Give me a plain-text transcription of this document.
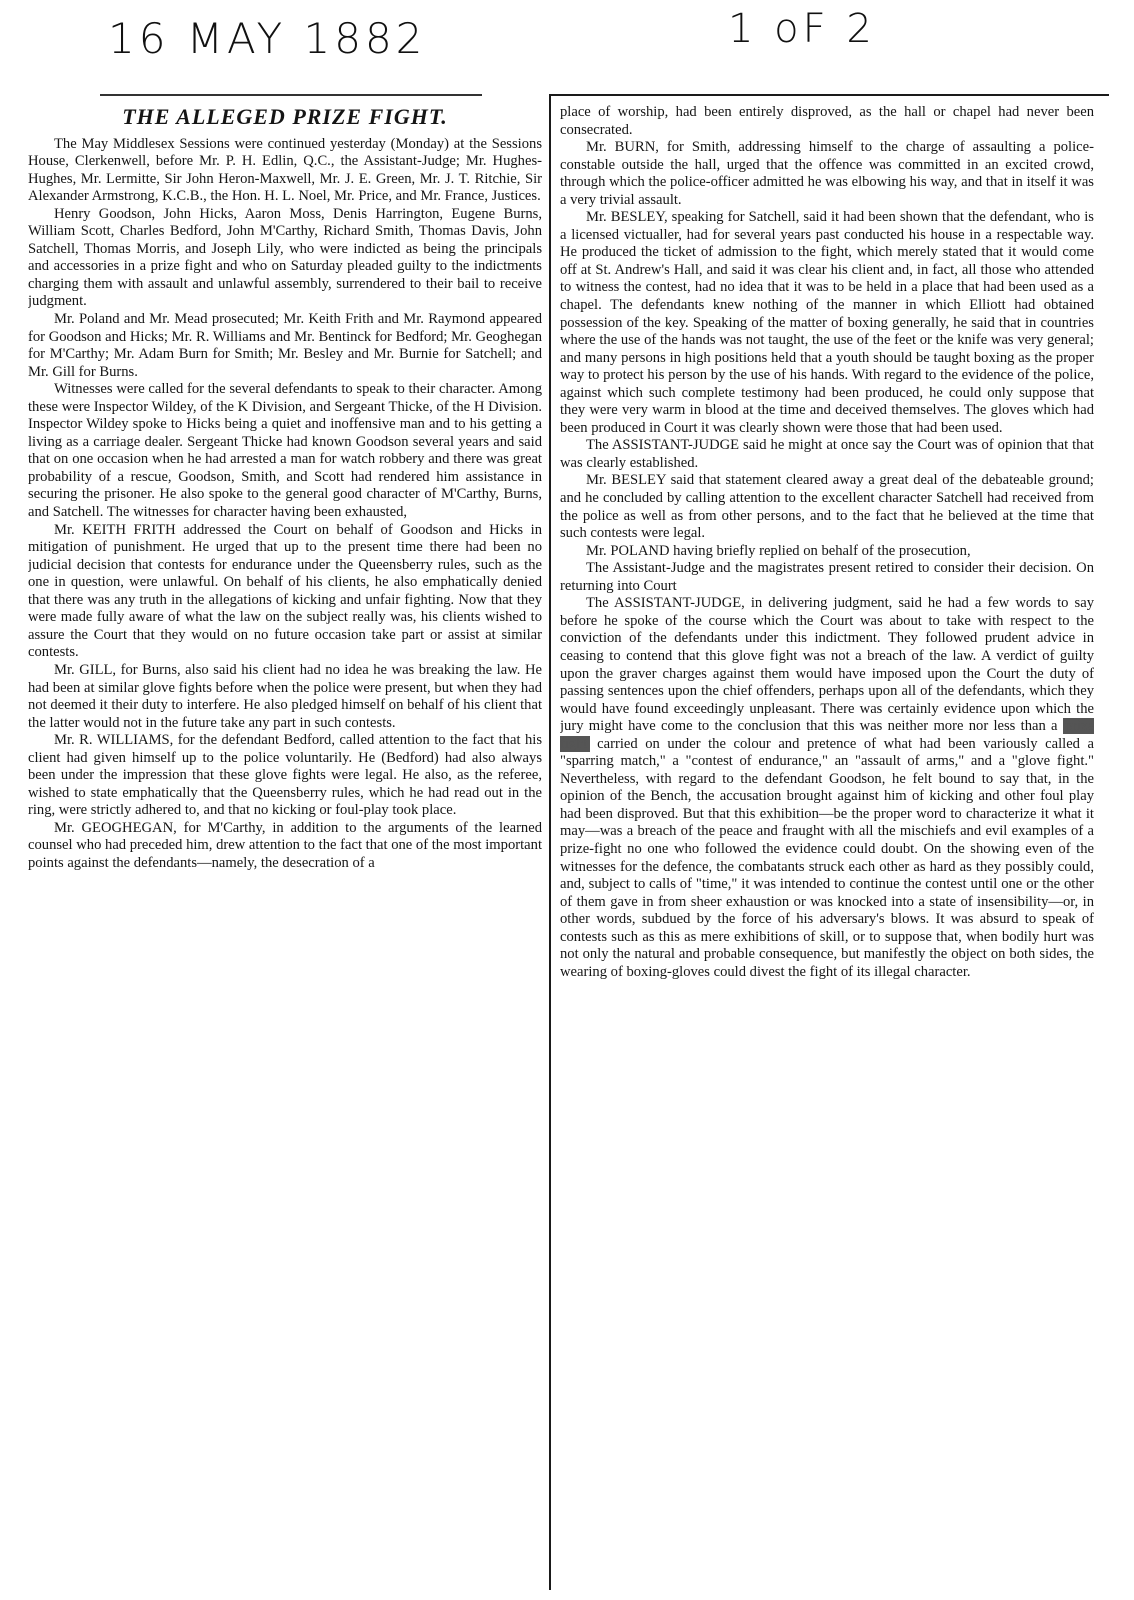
16 MAY 1882	1 oF 2
THE ALLEGED PRIZE FIGHT.

The May Middlesex Sessions were continued yesterday (Monday) at the Sessions House, Clerkenwell, before Mr. P. H. Edlin, Q.C., the Assistant-Judge; Mr. Hughes-Hughes, Mr. Lermitte, Sir John Heron-Maxwell, Mr. J. E. Green, Mr. J. T. Ritchie, Sir Alexander Armstrong, K.C.B., the Hon. H. L. Noel, Mr. Price, and Mr. France, Justices.

Henry Goodson, John Hicks, Aaron Moss, Denis Harrington, Eugene Burns, William Scott, Charles Bedford, John M'Carthy, Richard Smith, Thomas Davis, John Satchell, Thomas Morris, and Joseph Lily, who were indicted as being the principals and accessories in a prize fight and who on Saturday pleaded guilty to the indictments charging them with assault and unlawful assembly, surrendered to their bail to receive judgment.

Mr. Poland and Mr. Mead prosecuted; Mr. Keith Frith and Mr. Raymond appeared for Goodson and Hicks; Mr. R. Williams and Mr. Bentinck for Bedford; Mr. Geoghegan for M'Carthy; Mr. Adam Burn for Smith; Mr. Besley and Mr. Burnie for Satchell; and Mr. Gill for Burns.

Witnesses were called for the several defendants to speak to their character. Among these were Inspector Wildey, of the K Division, and Sergeant Thicke, of the H Division. Inspector Wildey spoke to Hicks being a quiet and inoffensive man and to his getting a living as a carriage dealer. Sergeant Thicke had known Goodson several years and said that on one occasion when he had arrested a man for watch robbery and there was great probability of a rescue, Goodson, Smith, and Scott had rendered him assistance in securing the prisoner. He also spoke to the general good character of M'Carthy, Burns, and Satchell. The witnesses for character having been exhausted,

Mr. KEITH FRITH addressed the Court on behalf of Goodson and Hicks in mitigation of punishment. He urged that up to the present time there had been no judicial decision that contests for endurance under the Queensberry rules, such as the one in question, were unlawful. On behalf of his clients, he also emphatically denied that there was any truth in the allegations of kicking and unfair fighting. Now that they were made fully aware of what the law on the subject really was, his clients wished to assure the Court that they would on no future occasion take part or assist at similar contests.

Mr. GILL, for Burns, also said his client had no idea he was breaking the law. He had been at similar glove fights before when the police were present, but when they had not deemed it their duty to interfere. He also pledged himself on behalf of his client that the latter would not in the future take any part in such contests.

Mr. R. WILLIAMS, for the defendant Bedford, called attention to the fact that his client had given himself up to the police voluntarily. He (Bedford) had also always been under the impression that these glove fights were legal. He also, as the referee, wished to state emphatically that the Queensberry rules, which he had read out in the ring, were strictly adhered to, and that no kicking or foul-play took place.

Mr. GEOGHEGAN, for M'Carthy, in addition to the arguments of the learned counsel who had preceded him, drew attention to the fact that one of the most important points against the defendants—namely, the desecration of a

place of worship, had been entirely disproved, as the hall or chapel had never been consecrated.

Mr. BURN, for Smith, addressing himself to the charge of assaulting a police-constable outside the hall, urged that the offence was committed in an excited crowd, through which the police-officer admitted he was elbowing his way, and that in itself it was a very trivial assault.

Mr. BESLEY, speaking for Satchell, said it had been shown that the defendant, who is a licensed victualler, had for several years past conducted his house in a respectable way. He produced the ticket of admission to the fight, which merely stated that it would come off at St. Andrew's Hall, and said it was clear his client and, in fact, all those who attended to witness the contest, had no idea that it was to be held in a place that had been used as a chapel. The defendants knew nothing of the manner in which Elliott had obtained possession of the key. Speaking of the matter of boxing generally, he said that in countries where the use of the hands was not taught, the use of the feet or the knife was very general; and many persons in high positions held that a youth should be taught boxing as the proper way to protect his person by the use of his hands. With regard to the evidence of the police, against which such complete testimony had been produced, he could only suppose that they were very warm in blood at the time and deceived themselves. The gloves which had been produced in Court it was clearly shown were those that had been used.

The ASSISTANT-JUDGE said he might at once say the Court was of opinion that that was clearly established.

Mr. BESLEY said that statement cleared away a great deal of the debateable ground; and he concluded by calling attention to the excellent character Satchell had received from the police as well as from other persons, and to the fact that he believed at the time that such contests were legal.

Mr. POLAND having briefly replied on behalf of the prosecution,

The Assistant-Judge and the magistrates present retired to consider their decision. On returning into Court

The ASSISTANT-JUDGE, in delivering judgment, said he had a few words to say before he spoke of the course which the Court was about to take with respect to the conviction of the defendants under this indictment. They followed prudent advice in ceasing to contend that this glove fight was not a breach of the law. A verdict of guilty upon the graver charges against them would have imposed upon the Court the duty of passing sentences upon the chief offenders, perhaps upon all of the defendants, which they would have found exceedingly unpleasant. There was certainly evidence upon which the jury might have come to the conclusion that this was neither more nor less than a prize fight carried on under the colour and pretence of what had been variously called a "sparring match," a "contest of endurance," an "assault of arms," and a "glove fight." Nevertheless, with regard to the defendant Goodson, he felt bound to say that, in the opinion of the Bench, the accusation brought against him of kicking and other foul play had been disproved. But that this exhibition—be the proper word to characterize it what it may—was a breach of the peace and fraught with all the mischiefs and evil examples of a prize-fight no one who followed the evidence could doubt. On the showing even of the witnesses for the defence, the combatants struck each other as hard as they possibly could, and, subject to calls of "time," it was intended to continue the contest until one or the other of them gave in from sheer exhaustion or was knocked into a state of insensibility—or, in other words, subdued by the force of his adversary's blows. It was absurd to speak of contests such as this as mere exhibitions of skill, or to suppose that, when bodily hurt was not only the natural and probable consequence, but manifestly the object on both sides, the wearing of boxing-gloves could divest the fight of its illegal character.
